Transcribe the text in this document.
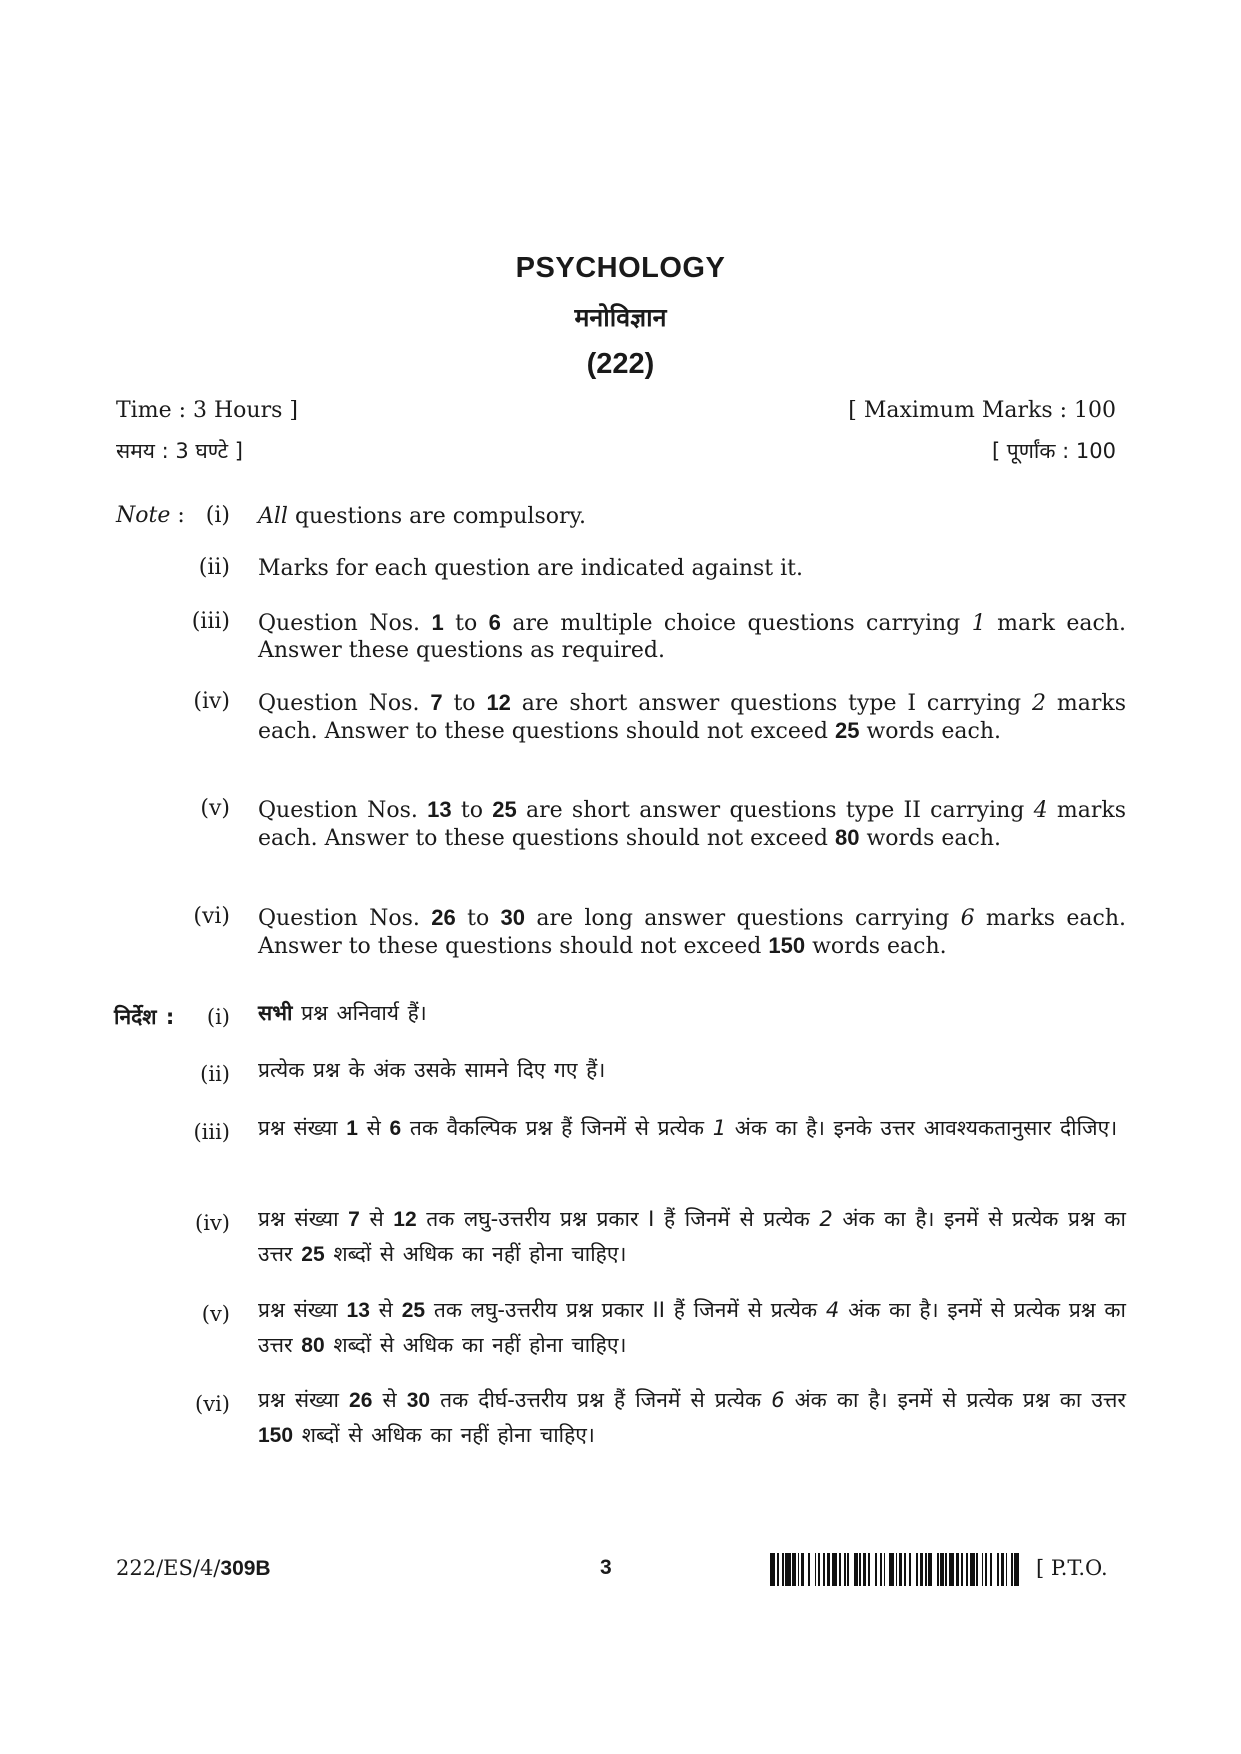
PSYCHOLOGY
मनोविज्ञान
(222)
Time : 3 Hours ]
समय : 3 घण्टे ]
[ Maximum Marks : 100
[ पूर्णांक : 100
Note : (i) All questions are compulsory.
(ii) Marks for each question are indicated against it.
(iii) Question Nos. 1 to 6 are multiple choice questions carrying 1 mark each. Answer these questions as required.
(iv) Question Nos. 7 to 12 are short answer questions type I carrying 2 marks each. Answer to these questions should not exceed 25 words each.
(v) Question Nos. 13 to 25 are short answer questions type II carrying 4 marks each. Answer to these questions should not exceed 80 words each.
(vi) Question Nos. 26 to 30 are long answer questions carrying 6 marks each. Answer to these questions should not exceed 150 words each.
निर्देश :	(i) सभी प्रश्न अनिवार्य हैं।
(ii) प्रत्येक प्रश्न के अंक उसके सामने दिए गए हैं।
(iii) प्रश्न संख्या 1 से 6 तक वैकल्पिक प्रश्न हैं जिनमें से प्रत्येक 1 अंक का है। इनके उत्तर आवश्यकतानुसार दीजिए।
(iv) प्रश्न संख्या 7 से 12 तक लघु-उत्तरीय प्रश्न प्रकार I हैं जिनमें से प्रत्येक 2 अंक का है। इनमें से प्रत्येक प्रश्न का उत्तर 25 शब्दों से अधिक का नहीं होना चाहिए।
(v) प्रश्न संख्या 13 से 25 तक लघु-उत्तरीय प्रश्न प्रकार II हैं जिनमें से प्रत्येक 4 अंक का है। इनमें से प्रत्येक प्रश्न का उत्तर 80 शब्दों से अधिक का नहीं होना चाहिए।
(vi) प्रश्न संख्या 26 से 30 तक दीर्घ-उत्तरीय प्रश्न हैं जिनमें से प्रत्येक 6 अंक का है। इनमें से प्रत्येक प्रश्न का उत्तर 150 शब्दों से अधिक का नहीं होना चाहिए।
222/ES/4/309B	3	[ P.T.O.
